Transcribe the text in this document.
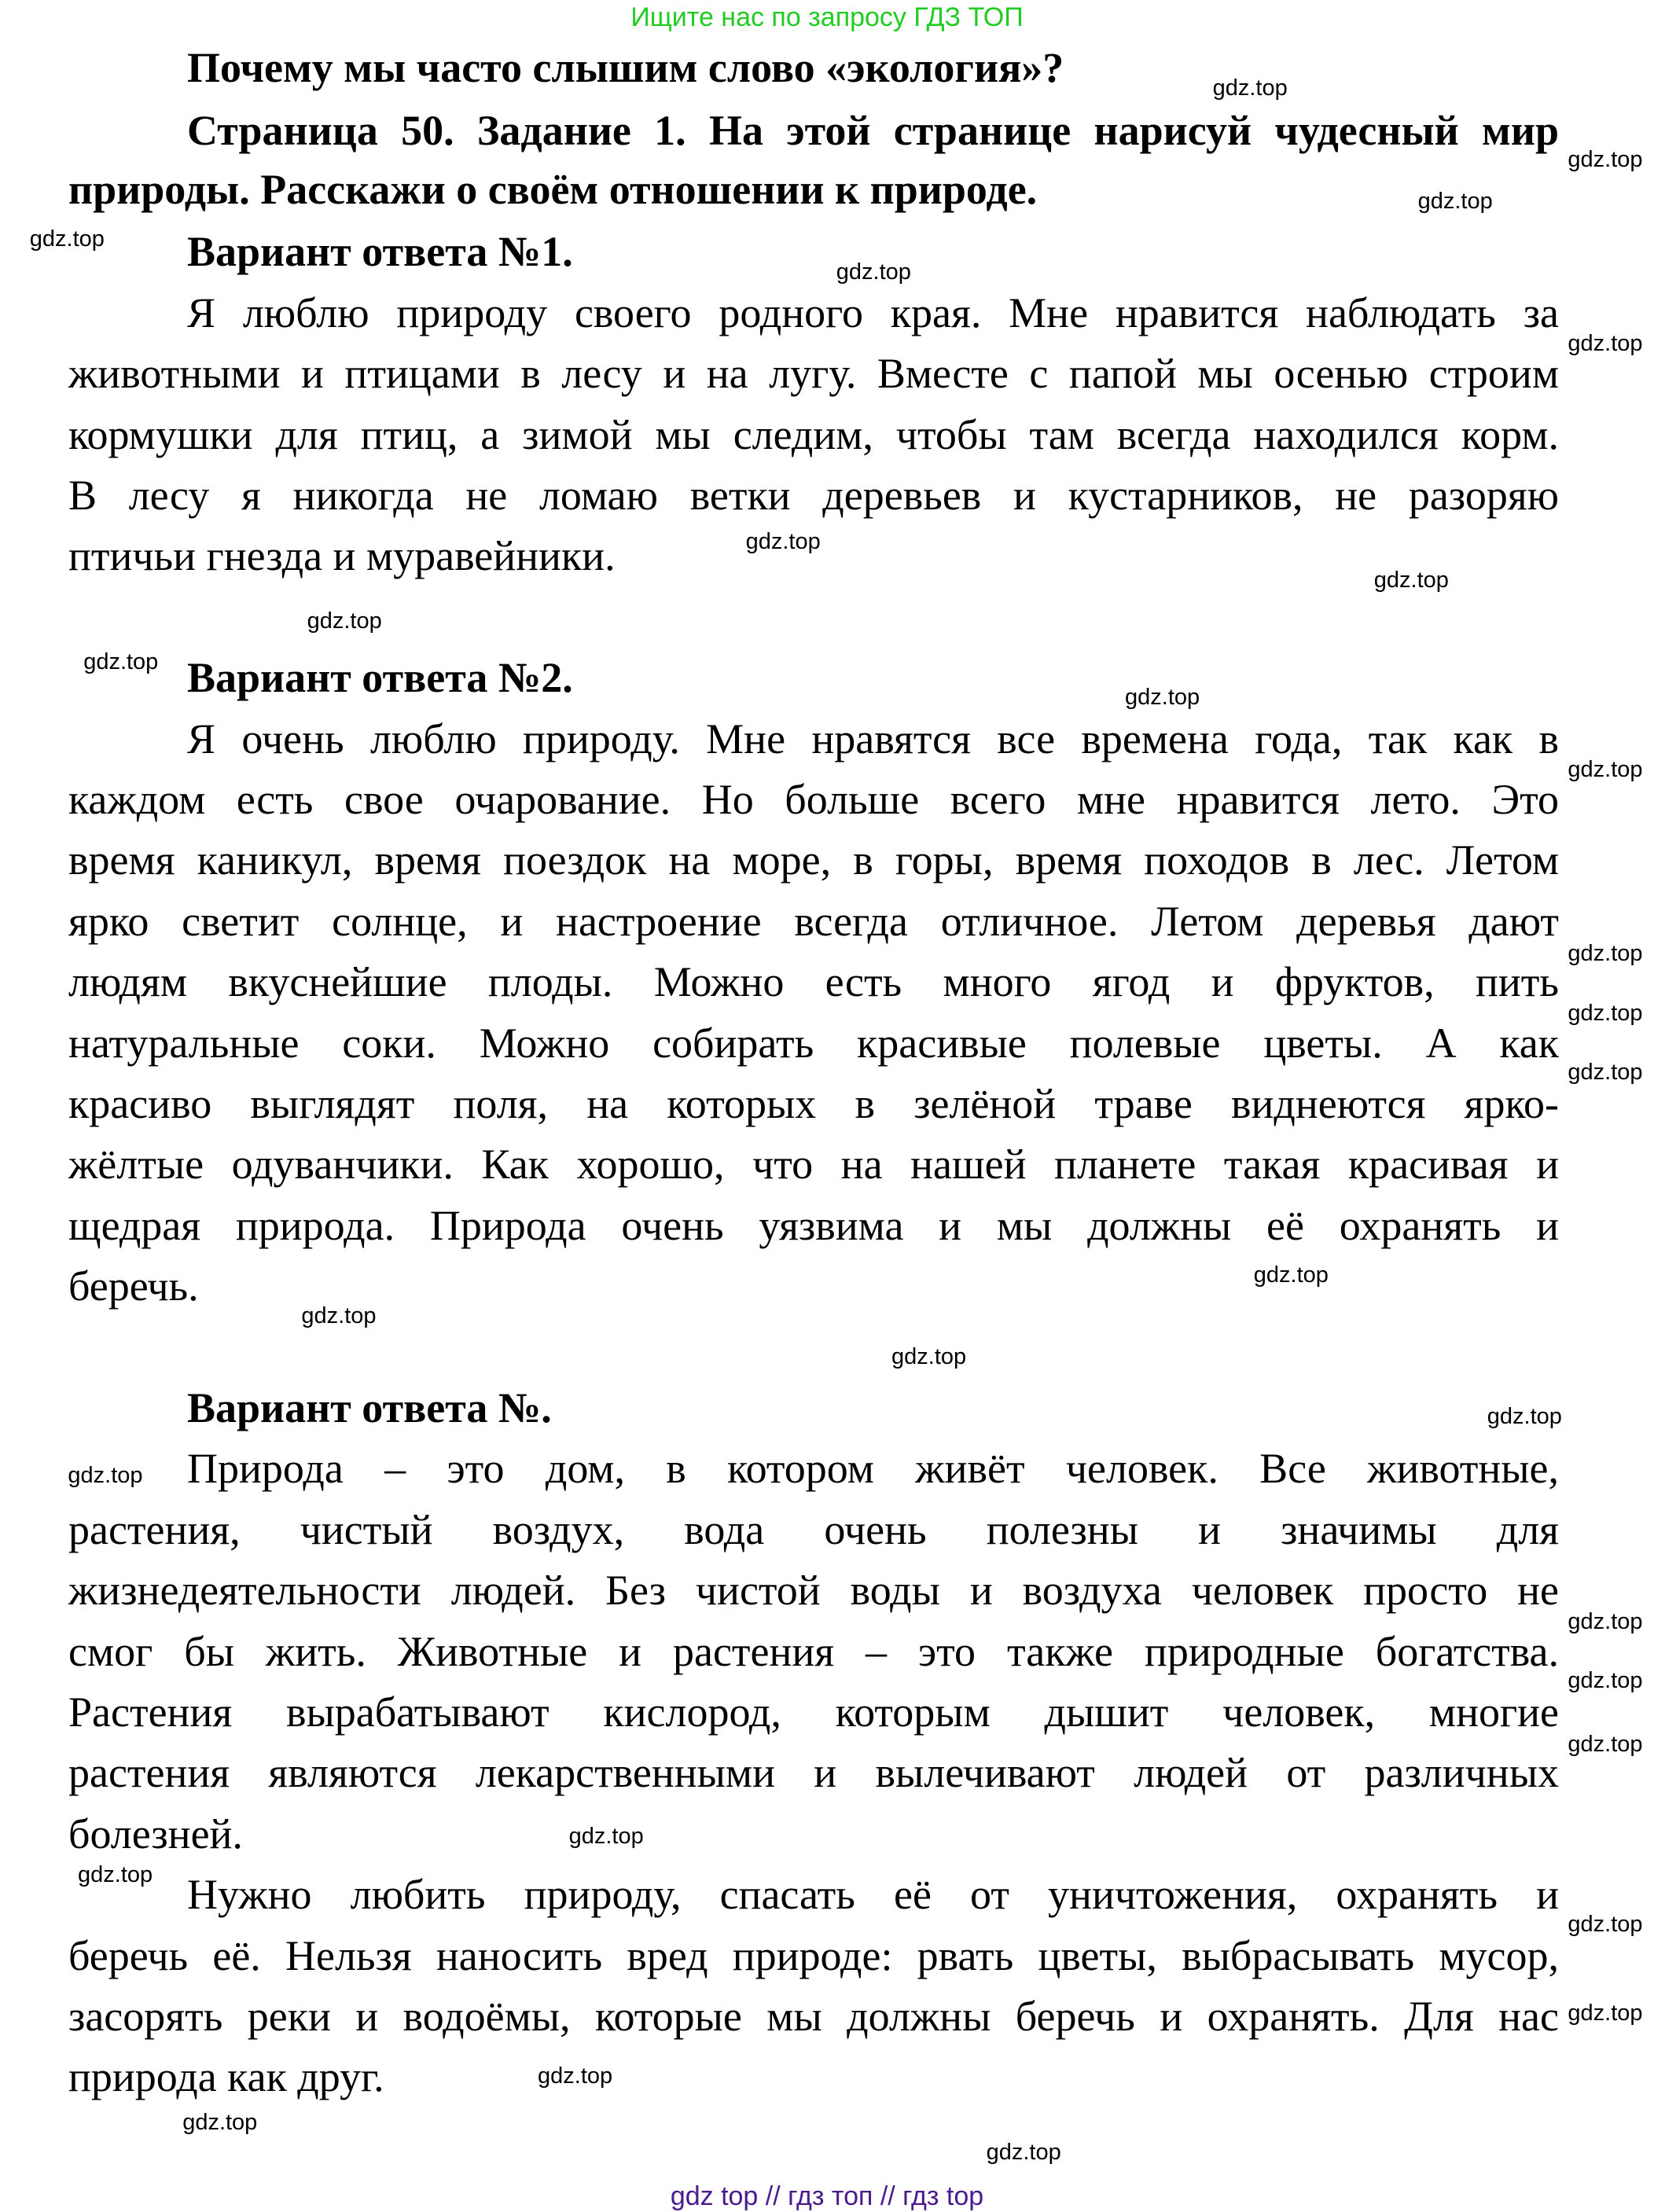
Ищите нас по запросу ГДЗ ТОП
Почему мы часто слышим слово «экология»?
Страница 50. Задание 1. На этой странице нарисуй чудесный мир
природы. Расскажи о своём отношении к природе.
Вариант ответа №1.
Я люблю природу своего родного края. Мне нравится наблюдать за
животными и птицами в лесу и на лугу. Вместе с папой мы осенью строим
кормушки для птиц, а зимой мы следим, чтобы там всегда находился корм.
В лесу я никогда не ломаю ветки деревьев и кустарников, не разоряю
птичьи гнезда и муравейники.
Вариант ответа №2.
Я очень люблю природу. Мне нравятся все времена года, так как в
каждом есть свое очарование. Но больше всего мне нравится лето. Это
время каникул, время поездок на море, в горы, время походов в лес. Летом
ярко светит солнце, и настроение всегда отличное. Летом деревья дают
людям вкуснейшие плоды. Можно есть много ягод и фруктов, пить
натуральные соки. Можно собирать красивые полевые цветы. А как
красиво выглядят поля, на которых в зелёной траве виднеются ярко-
жёлтые одуванчики. Как хорошо, что на нашей планете такая красивая и
щедрая природа. Природа очень уязвима и мы должны её охранять и
беречь.
Вариант ответа №.
Природа – это дом, в котором живёт человек. Все животные,
растения, чистый воздух, вода очень полезны и значимы для
жизнедеятельности людей. Без чистой воды и воздуха человек просто не
смог бы жить. Животные и растения – это также природные богатства.
Растения вырабатывают кислород, которым дышит человек, многие
растения являются лекарственными и вылечивают людей от различных
болезней.
Нужно любить природу, спасать её от уничтожения, охранять и
беречь её. Нельзя наносить вред природе: рвать цветы, выбрасывать мусор,
засорять реки и водоёмы, которые мы должны беречь и охранять. Для нас
природа как друг.
gdz.top
gdz.top
gdz.top
gdz.top
gdz.top
gdz.top
gdz.top
gdz.top
gdz.top
gdz.top
gdz.top
gdz.top
gdz.top
gdz.top
gdz.top
gdz.top
gdz.top
gdz.top
gdz.top
gdz.top
gdz.top
gdz.top
gdz.top
gdz.top
gdz.top
gdz.top
gdz.top
gdz.top
gdz.top
gdz.top
gdz top // гдз топ // гдз top
